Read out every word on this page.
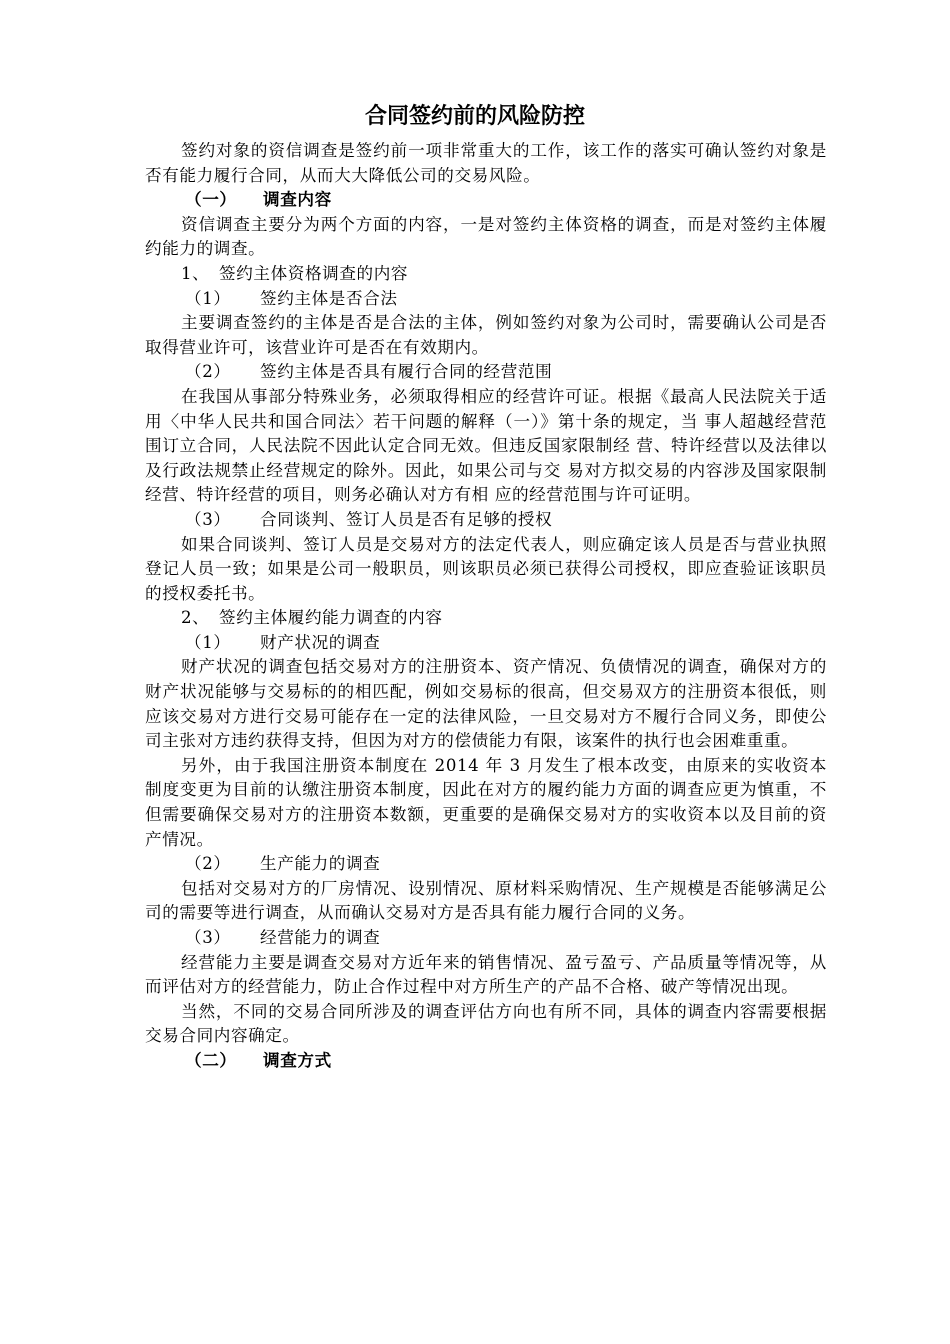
合同签约前的风险防控

签约对象的资信调查是签约前一项非常重大的工作，该工作的落实可确认签约对象是否有能力履行合同，从而大大降低公司的交易风险。

（一） 调查内容

资信调查主要分为两个方面的内容，一是对签约主体资格的调查，而是对签约主体履约能力的调查。

1、 签约主体资格调查的内容

（1） 签约主体是否合法

主要调查签约的主体是否是合法的主体，例如签约对象为公司时，需要确认公司是否取得营业许可，该营业许可是否在有效期内。

（2） 签约主体是否具有履行合同的经营范围

在我国从事部分特殊业务，必须取得相应的经营许可证。根据《最高人民法院关于适用〈中华人民共和国合同法〉若干问题的解释（一）》第十条的规定，当 事人超越经营范围订立合同，人民法院不因此认定合同无效。但违反国家限制经 营、特许经营以及法律以及行政法规禁止经营规定的除外。因此，如果公司与交 易对方拟交易的内容涉及国家限制经营、特许经营的项目，则务必确认对方有相 应的经营范围与许可证明。

（3） 合同谈判、签订人员是否有足够的授权

如果合同谈判、签订人员是交易对方的法定代表人，则应确定该人员是否与营业执照登记人员一致；如果是公司一般职员，则该职员必须已获得公司授权，即应查验证该职员的授权委托书。

2、 签约主体履约能力调查的内容

（1） 财产状况的调查

财产状况的调查包括交易对方的注册资本、资产情况、负债情况的调查，确保对方的财产状况能够与交易标的的相匹配，例如交易标的很高，但交易双方的注册资本很低，则应该交易对方进行交易可能存在一定的法律风险，一旦交易对方不履行合同义务，即使公司主张对方违约获得支持，但因为对方的偿债能力有限，该案件的执行也会困难重重。

另外，由于我国注册资本制度在 2014 年 3 月发生了根本改变，由原来的实收资本制度变更为目前的认缴注册资本制度，因此在对方的履约能力方面的调查应更为慎重，不但需要确保交易对方的注册资本数额，更重要的是确保交易对方的实收资本以及目前的资产情况。

（2） 生产能力的调查

包括对交易对方的厂房情况、设别情况、原材料采购情况、生产规模是否能够满足公司的需要等进行调查，从而确认交易对方是否具有能力履行合同的义务。

（3） 经营能力的调查

经营能力主要是调查交易对方近年来的销售情况、盈亏盈亏、产品质量等情况等，从而评估对方的经营能力，防止合作过程中对方所生产的产品不合格、破产等情况出现。

当然，不同的交易合同所涉及的调查评估方向也有所不同，具体的调查内容需要根据交易合同内容确定。

（二） 调查方式
